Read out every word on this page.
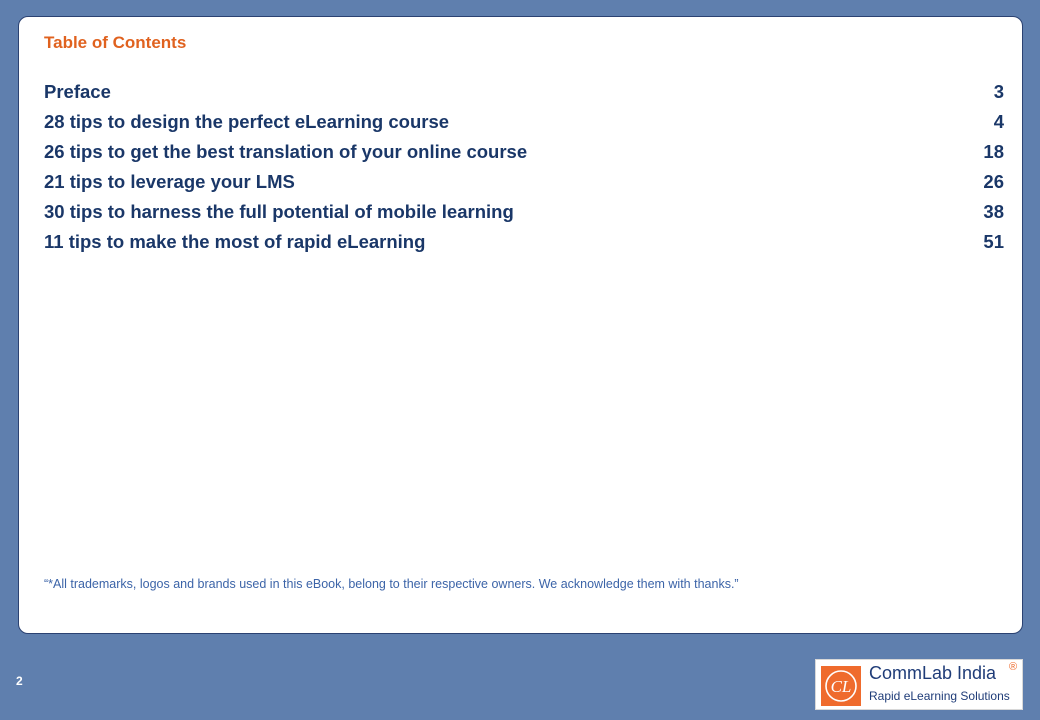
Table of Contents
Preface	3
28 tips to design the perfect eLearning course	4
26 tips to get the best translation of your online course	18
21 tips to leverage your LMS	26
30 tips to harness the full potential of mobile learning	38
11 tips to make the most of rapid eLearning	51

“*All trademarks, logos and brands used in this eBook, belong to their respective owners. We acknowledge them with thanks.”

2	CL
CommLab India ®
Rapid eLearning Solutions
